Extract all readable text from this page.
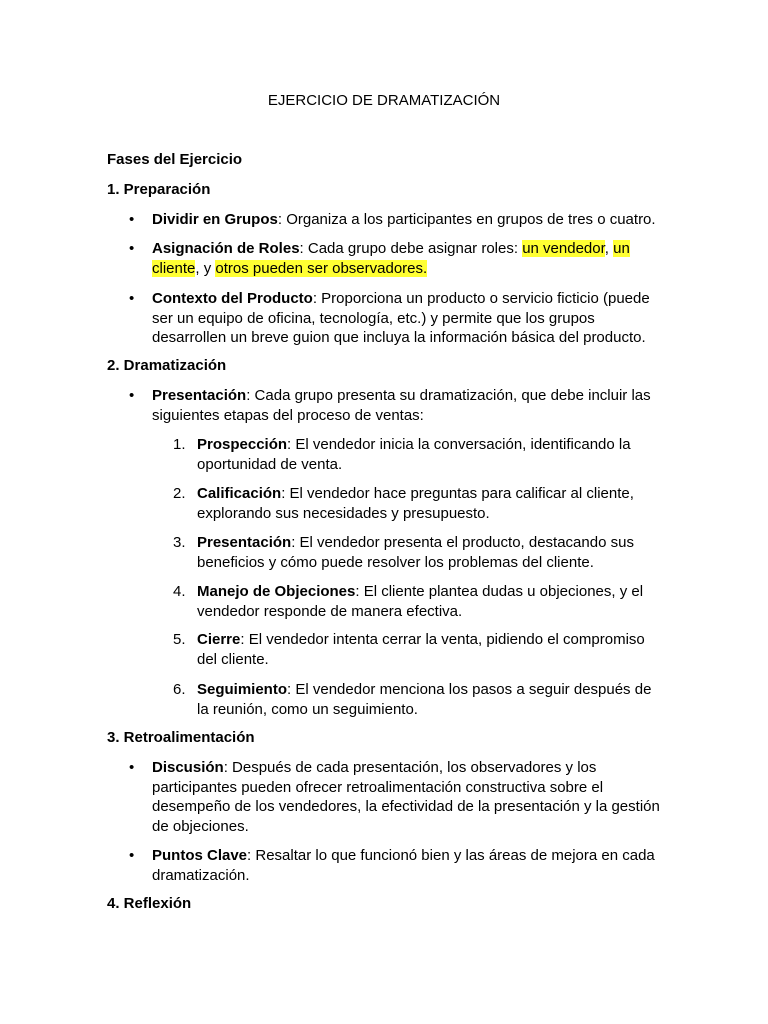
EJERCICIO DE DRAMATIZACIÓN
Fases del Ejercicio
1. Preparación
• Dividir en Grupos: Organiza a los participantes en grupos de tres o cuatro.
• Asignación de Roles: Cada grupo debe asignar roles: un vendedor, un cliente, y otros pueden ser observadores.
• Contexto del Producto: Proporciona un producto o servicio ficticio (puede ser un equipo de oficina, tecnología, etc.) y permite que los grupos desarrollen un breve guion que incluya la información básica del producto.
2. Dramatización
• Presentación: Cada grupo presenta su dramatización, que debe incluir las siguientes etapas del proceso de ventas:
1. Prospección: El vendedor inicia la conversación, identificando la oportunidad de venta.
2. Calificación: El vendedor hace preguntas para calificar al cliente, explorando sus necesidades y presupuesto.
3. Presentación: El vendedor presenta el producto, destacando sus beneficios y cómo puede resolver los problemas del cliente.
4. Manejo de Objeciones: El cliente plantea dudas u objeciones, y el vendedor responde de manera efectiva.
5. Cierre: El vendedor intenta cerrar la venta, pidiendo el compromiso del cliente.
6. Seguimiento: El vendedor menciona los pasos a seguir después de la reunión, como un seguimiento.
3. Retroalimentación
• Discusión: Después de cada presentación, los observadores y los participantes pueden ofrecer retroalimentación constructiva sobre el desempeño de los vendedores, la efectividad de la presentación y la gestión de objeciones.
• Puntos Clave: Resaltar lo que funcionó bien y las áreas de mejora en cada dramatización.
4. Reflexión
